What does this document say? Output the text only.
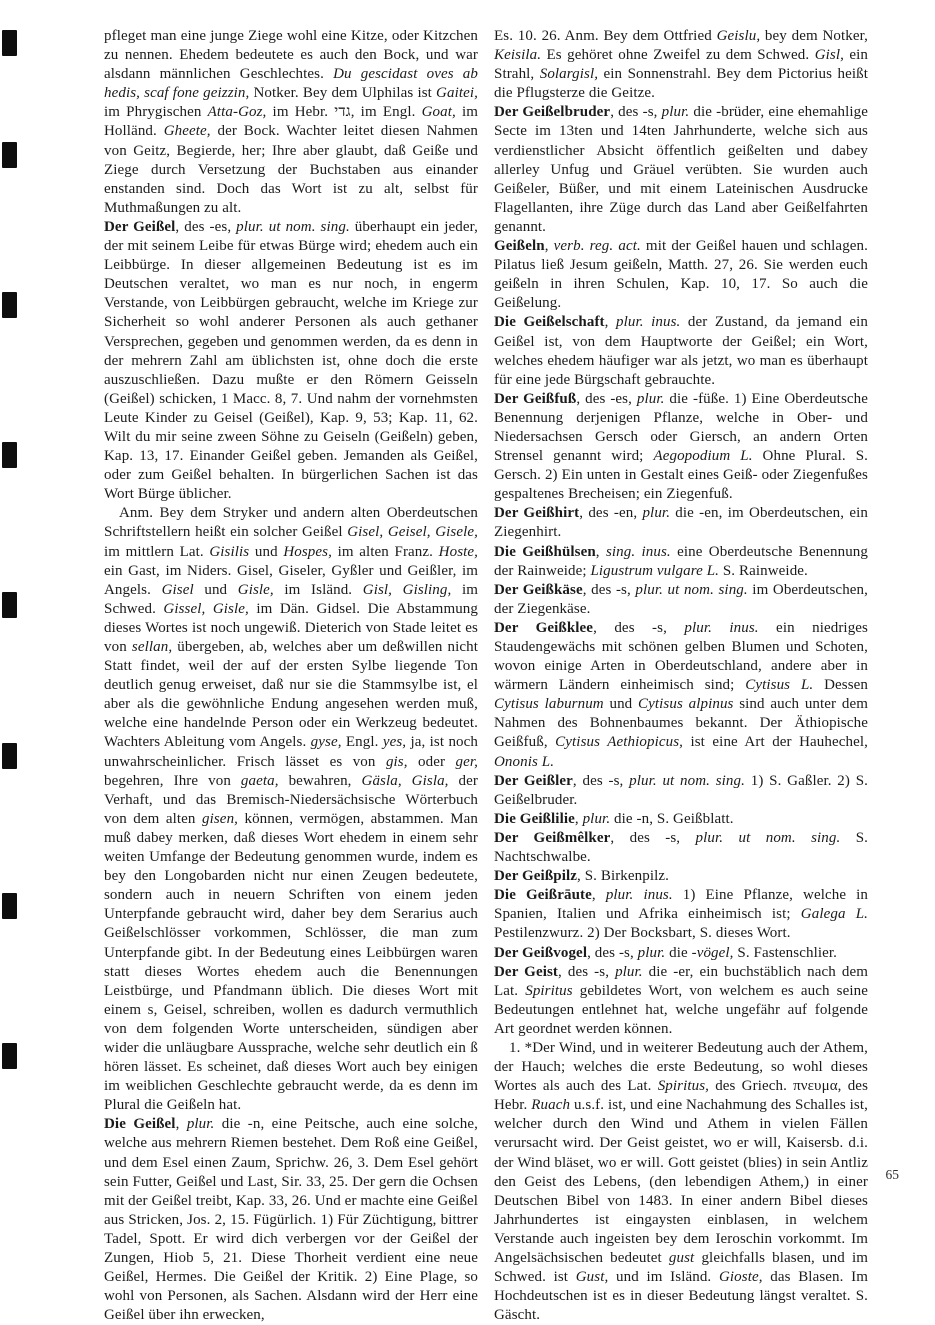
pfleget man eine junge Ziege wohl eine Kitze, oder Kitzchen zu nennen. Ehedem bedeutete es auch den Bock, und war alsdann männlichen Geschlechtes. Du gescidast oves ab hedis, scaf fone geizzin, Notker. Bey dem Ulphilas ist Gaitei, im Phrygischen Atta-Goz, im Hebr. גדי, im Engl. Goat, im Holländ. Gheete, der Bock. Wachter leitet diesen Nahmen von Geitz, Begierde, her; Ihre aber glaubt, daß Geiße und Ziege durch Versetzung der Buchstaben aus einander enstanden sind. Doch das Wort ist zu alt, selbst für Muthmaßungen zu alt.

Der Geißel, des -es, plur. ut nom. sing. überhaupt ein jeder, der mit seinem Leibe für etwas Bürge wird; ehedem auch ein Leibbürge. In dieser allgemeinen Bedeutung ist es im Deutschen veraltet, wo man es nur noch, in engerm Verstande, von Leibbürgen gebraucht, welche im Kriege zur Sicherheit so wohl anderer Personen als auch gethaner Versprechen, gegeben und genommen werden, da es denn in der mehrern Zahl am üblichsten ist, ohne doch die erste auszuschließen. Dazu mußte er den Römern Geisseln (Geißel) schicken, 1 Macc. 8, 7. Und nahm der vornehmsten Leute Kinder zu Geisel (Geißel), Kap. 9, 53; Kap. 11, 62. Wilt du mir seine zween Söhne zu Geiseln (Geißeln) geben, Kap. 13, 17. Einander Geißel geben. Jemanden als Geißel, oder zum Geißel behalten. In bürgerlichen Sachen ist das Wort Bürge üblicher.

Anm. Bey dem Stryker und andern alten Oberdeutschen Schriftstellern heißt ein solcher Geißel Gisel, Geisel, Gisele, im mittlern Lat. Gisilis und Hospes, im alten Franz. Hoste, ein Gast, im Niders. Gisel, Giseler, Gyßler und Geißler, im Angels. Gisel und Gisle, im Isländ. Gisl, Gisling, im Schwed. Gissel, Gisle, im Dän. Gidsel. Die Abstammung dieses Wortes ist noch ungewiß. Dieterich von Stade leitet es von sellan, übergeben, ab, welches aber um deßwillen nicht Statt findet, weil der auf der ersten Sylbe liegende Ton deutlich genug erweiset, daß nur sie die Stammsylbe ist, el aber als die gewöhnliche Endung angesehen werden muß, welche eine handelnde Person oder ein Werkzeug bedeutet. Wachters Ableitung vom Angels. gyse, Engl. yes, ja, ist noch unwahrscheinlicher. Frisch lässet es von gis, oder ger, begehren, Ihre von gaeta, bewahren, Gäsla, Gisla, der Verhaft, und das Bremisch-Niedersächsische Wörterbuch von dem alten gisen, können, vermögen, abstammen. Man muß dabey merken, daß dieses Wort ehedem in einem sehr weiten Umfange der Bedeutung genommen wurde, indem es bey den Longobarden nicht nur einen Zeugen bedeutete, sondern auch in neuern Schriften von einem jeden Unterpfande gebraucht wird, daher bey dem Serarius auch Geißelschlösser vorkommen, Schlösser, die man zum Unterpfande gibt. In der Bedeutung eines Leibbürgen waren statt dieses Wortes ehedem auch die Benennungen Leistbürge, und Pfandmann üblich. Die dieses Wort mit einem s, Geisel, schreiben, wollen es dadurch vermuthlich von dem folgenden Worte unterscheiden, sündigen aber wider die unläugbare Aussprache, welche sehr deutlich ein ß hören lässet. Es scheinet, daß dieses Wort auch bey einigen im weiblichen Geschlechte gebraucht werde, da es denn im Plural die Geißeln hat.

Die Geißel, plur. die -n, eine Peitsche, auch eine solche, welche aus mehrern Riemen bestehet. Dem Roß eine Geißel, und dem Esel einen Zaum, Sprichw. 26, 3. Dem Esel gehört sein Futter, Geißel und Last, Sir. 33, 25. Der gern die Ochsen mit der Geißel treibt, Kap. 33, 26. Und er machte eine Geißel aus Stricken, Jos. 2, 15. Fügürlich. 1) Für Züchtigung, bittrer Tadel, Spott. Er wird dich verbergen vor der Geißel der Zungen, Hiob 5, 21. Diese Thorheit verdient eine neue Geißel, Hermes. Die Geißel der Kritik. 2) Eine Plage, so wohl von Personen, als Sachen. Alsdann wird der Herr eine Geißel über ihn erwecken,

Es. 10. 26. Anm. Bey dem Ottfried Geislu, bey dem Notker, Keisila. Es gehöret ohne Zweifel zu dem Schwed. Gisl, ein Strahl, Solargisl, ein Sonnenstrahl. Bey dem Pictorius heißt die Pflugsterze die Geitze.

Der Geißelbruder, des -s, plur. die -brüder, eine ehemahlige Secte im 13ten und 14ten Jahrhunderte, welche sich aus verdienstlicher Absicht öffentlich geißelten und dabey allerley Unfug und Gräuel verübten. Sie wurden auch Geißeler, Büßer, und mit einem Lateinischen Ausdrucke Flagellanten, ihre Züge durch das Land aber Geißelfahrten genannt.

Geißeln, verb. reg. act. mit der Geißel hauen und schlagen. Pilatus ließ Jesum geißeln, Matth. 27, 26. Sie werden euch geißeln in ihren Schulen, Kap. 10, 17. So auch die Geißelung.

Die Geißelschaft, plur. inus. der Zustand, da jemand ein Geißel ist, von dem Hauptworte der Geißel; ein Wort, welches ehedem häufiger war als jetzt, wo man es überhaupt für eine jede Bürgschaft gebrauchte.

Der Geißfuß, des -es, plur. die -füße. 1) Eine Oberdeutsche Benennung derjenigen Pflanze, welche in Ober- und Niedersachsen Gersch oder Giersch, an andern Orten Strensel genannt wird; Aegopodium L. Ohne Plural. S. Gersch. 2) Ein unten in Gestalt eines Geiß- oder Ziegenfußes gespaltenes Brecheisen; ein Ziegenfuß.

Der Geißhirt, des -en, plur. die -en, im Oberdeutschen, ein Ziegenhirt.

Die Geißhülsen, sing. inus. eine Oberdeutsche Benennung der Rainweide; Ligustrum vulgare L. S. Rainweide.

Der Geißkäse, des -s, plur. ut nom. sing. im Oberdeutschen, der Ziegenkäse.

Der Geißklee, des -s, plur. inus. ein niedriges Staudengewächs mit schönen gelben Blumen und Schoten, wovon einige Arten in Oberdeutschland, andere aber in wärmern Ländern einheimisch sind; Cytisus L. Dessen Cytisus laburnum und Cytisus alpinus sind auch unter dem Nahmen des Bohnenbaumes bekannt. Der Äthiopische Geißfuß, Cytisus Aethiopicus, ist eine Art der Hauhechel, Ononis L.

Der Geißler, des -s, plur. ut nom. sing. 1) S. Gaßler. 2) S. Geißelbruder.

Die Geißlilie, plur. die -n, S. Geißblatt.

Der Geißmêlker, des -s, plur. ut nom. sing. S. Nachtschwalbe.

Der Geißpilz, S. Birkenpilz.

Die Geißrāute, plur. inus. 1) Eine Pflanze, welche in Spanien, Italien und Afrika einheimisch ist; Galega L. Pestilenzwurz. 2) Der Bocksbart, S. dieses Wort.

Der Geißvogel, des -s, plur. die -vögel, S. Fastenschlier.

Der Geist, des -s, plur. die -er, ein buchstäblich nach dem Lat. Spiritus gebildetes Wort, von welchem es auch seine Bedeutungen entlehnet hat, welche ungefähr auf folgende Art geordnet werden können.

1. *Der Wind, und in weiterer Bedeutung auch der Athem, der Hauch; welches die erste Bedeutung, so wohl dieses Wortes als auch des Lat. Spiritus, des Griech. πνευμα, des Hebr. Ruach u.s.f. ist, und eine Nachahmung des Schalles ist, welcher durch den Wind und Athem in vielen Fällen verursacht wird. Der Geist geistet, wo er will, Kaisersb. d.i. der Wind bläset, wo er will. Gott geistet (blies) in sein Antliz den Geist des Lebens, (den lebendigen Athem,) in einer Deutschen Bibel von 1483. In einer andern Bibel dieses Jahrhundertes ist eingaysten einblasen, in welchem Verstande auch ingeisten bey dem Ieroschin vorkommt. Im Angelsächsischen bedeutet gust gleichfalls blasen, und im Schwed. ist Gust, und im Isländ. Gioste, das Blasen. Im Hochdeutschen ist es in dieser Bedeutung längst veraltet. S. Gäscht.

65
